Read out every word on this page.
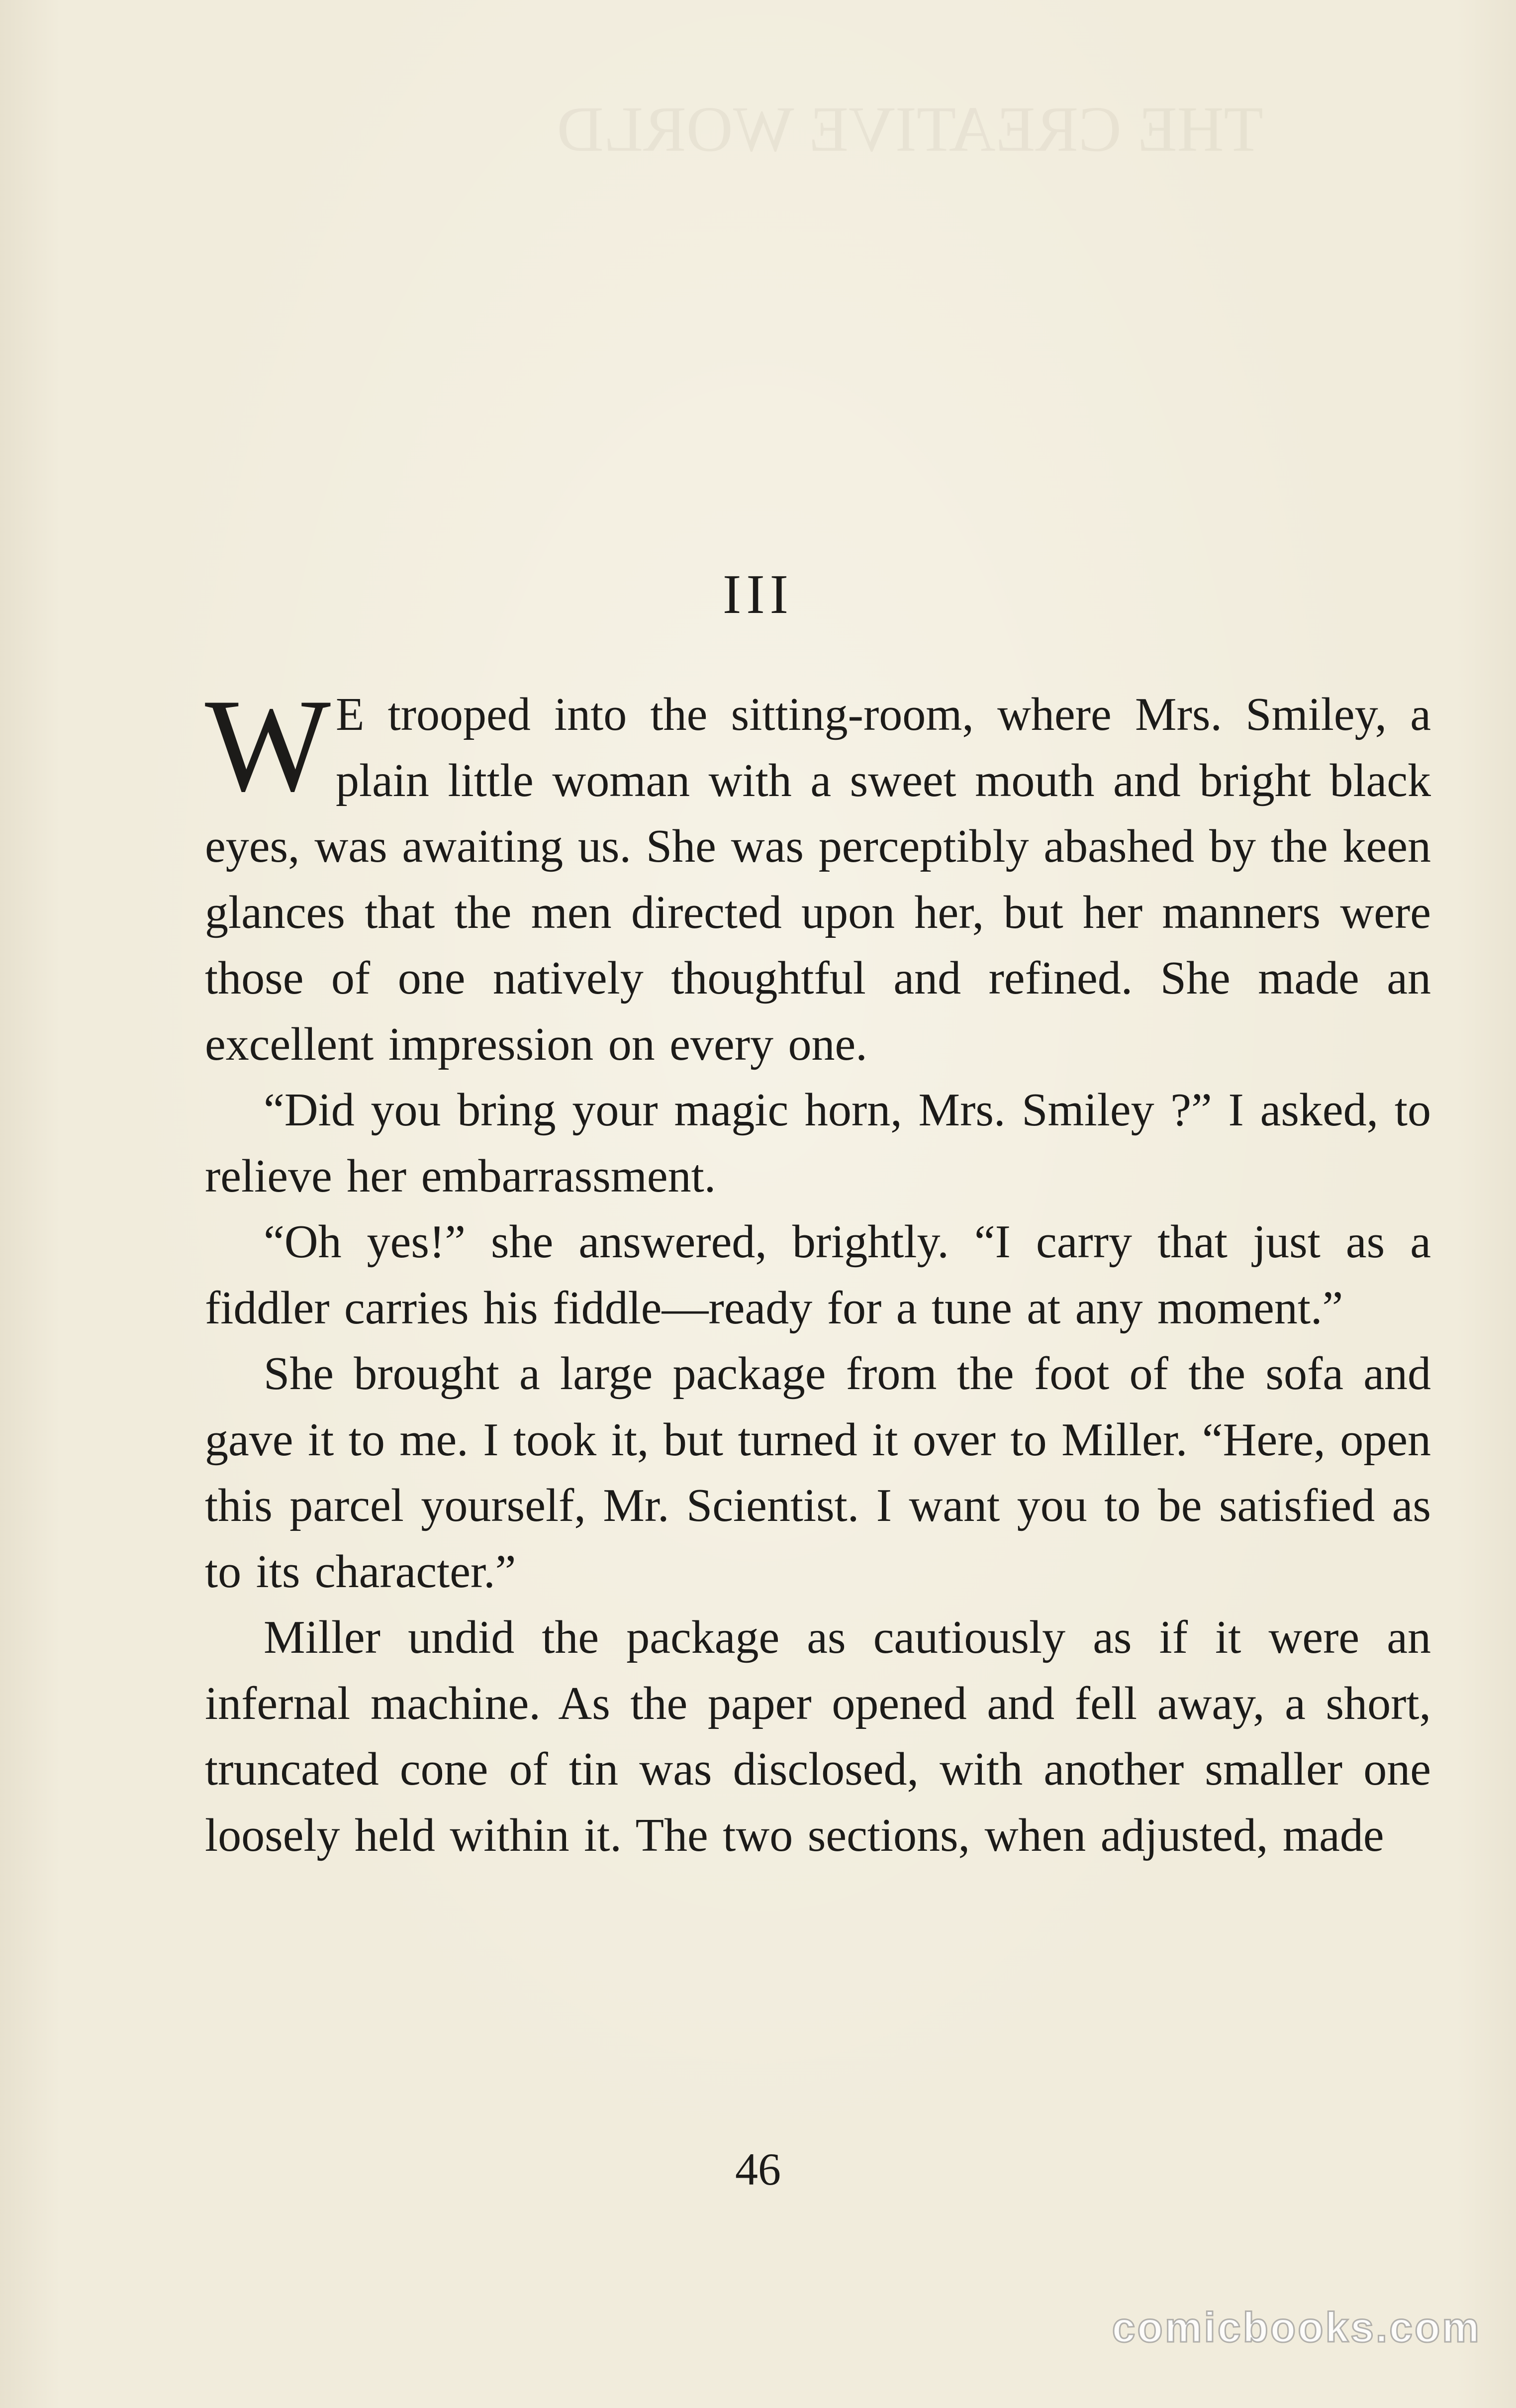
THE CREATIVE WORLD
III

W E trooped into the sitting-room, where Mrs. Smiley, a plain little woman with a sweet mouth and bright black eyes, was awaiting us. She was perceptibly abashed by the keen glances that the men directed upon her, but her manners were those of one natively thoughtful and refined. She made an excellent impression on every one.

“Did you bring your magic horn, Mrs. Smiley ?” I asked, to relieve her embarrassment.

“Oh yes!” she answered, brightly. “I carry that just as a fiddler carries his fiddle—ready for a tune at any moment.”

She brought a large package from the foot of the sofa and gave it to me. I took it, but turned it over to Miller. “Here, open this parcel yourself, Mr. Scientist. I want you to be satisfied as to its character.”

Miller undid the package as cautiously as if it were an infernal machine. As the paper opened and fell away, a short, truncated cone of tin was disclosed, with another smaller one loosely held within it. The two sections, when adjusted, made

46
comicbooks.com
